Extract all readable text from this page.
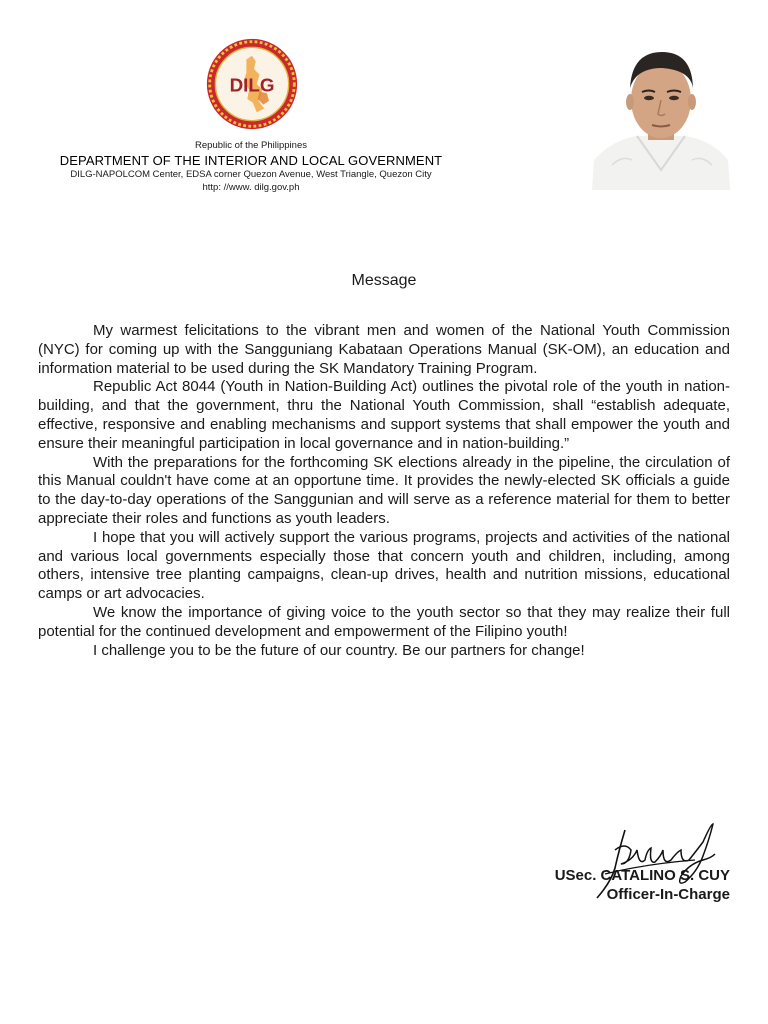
DILG
Republic of the Philippines
DEPARTMENT OF THE INTERIOR AND LOCAL GOVERNMENT
DILG-NAPOLCOM Center, EDSA corner Quezon Avenue, West Triangle, Quezon City
http: //www. dilg.gov.ph
Message

My warmest felicitations to the vibrant men and women of the National Youth Commission (NYC) for coming up with the Sangguniang Kabataan Operations Manual (SK-OM), an education and information material to be used during the SK Mandatory Training Program.

Republic Act 8044 (Youth in Nation-Building Act) outlines the pivotal role of the youth in nation-building, and that the government, thru the National Youth Commission, shall “establish adequate, effective, responsive and enabling mechanisms and support systems that shall empower the youth and ensure their meaningful participation in local governance and in nation-building.”

With the preparations for the forthcoming SK elections already in the pipeline, the circulation of this Manual couldn't have come at an opportune time. It provides the newly-elected SK officials a guide to the day-to-day operations of the Sanggunian and will serve as a reference material for them to better appreciate their roles and functions as youth leaders.

I hope that you will actively support the various programs, projects and activities of the national and various local governments especially those that concern youth and children, including, among others, intensive tree planting campaigns, clean-up drives, health and nutrition missions, educational camps or art advocacies.

We know the importance of giving voice to the youth sector so that they may realize their full potential for the continued development and empowerment of the Filipino youth!

I challenge you to be the future of our country. Be our partners for change!

USec. CATALINO S. CUY
Officer-In-Charge
